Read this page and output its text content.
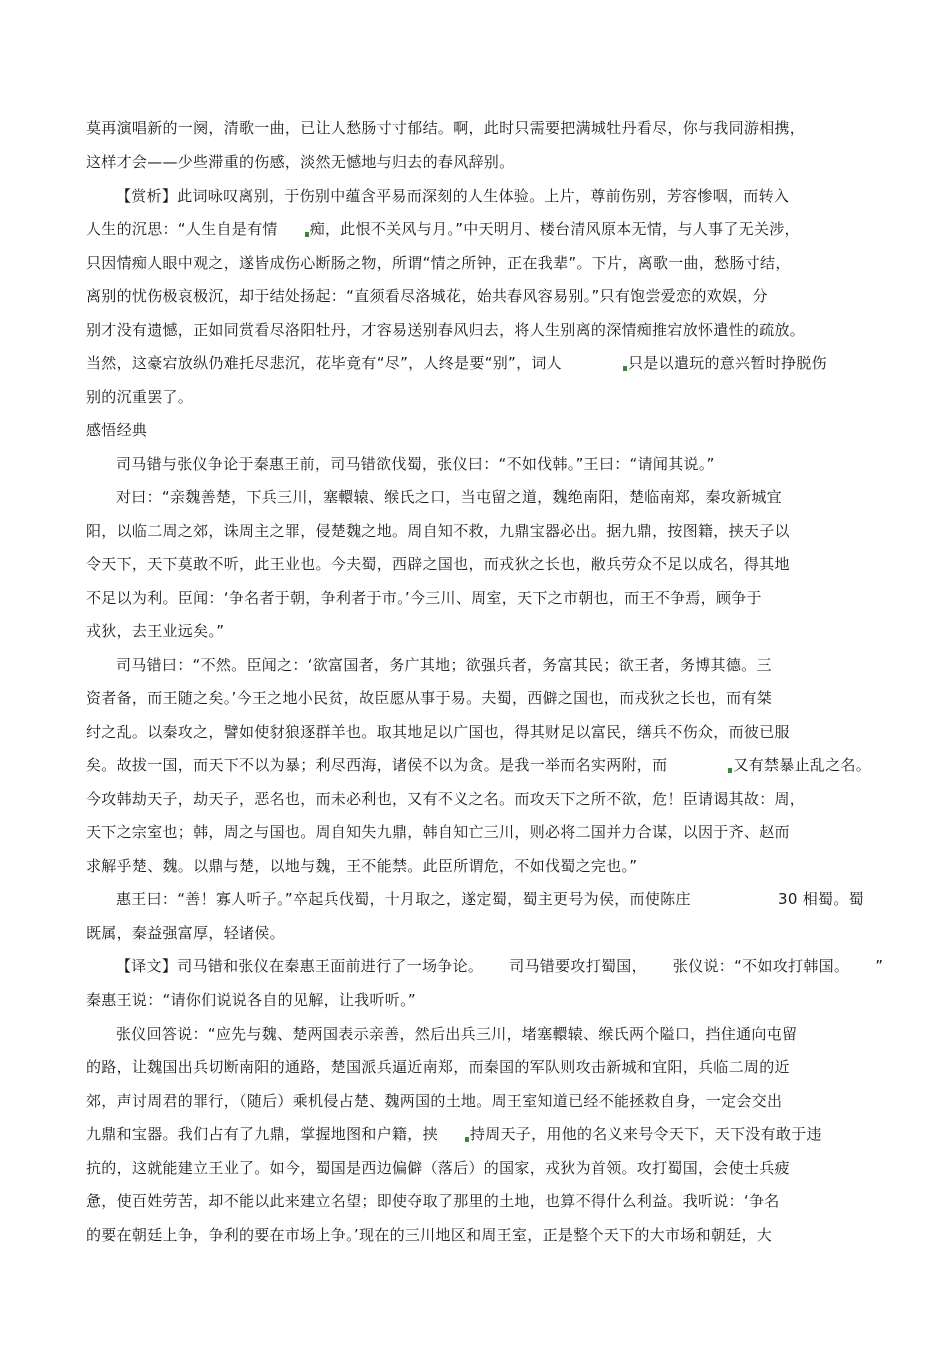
莫再演唱新的一阕，清歌一曲，已让人愁肠寸寸郁结。啊，此时只需要把满城牡丹看尽，你与我同游相携，
这样才会——少些滞重的伤感，淡然无憾地与归去的春风辞别。
【赏析】此词咏叹离别，于伤别中蕴含平易而深刻的人生体验。上片，尊前伤别，芳容惨咽，而转入
人生的沉思：“人生自是有情 痴，此恨不关风与月。”中天明月、楼台清风原本无情，与人事了无关涉，
只因情痴人眼中观之，遂皆成伤心断肠之物，所谓“情之所钟，正在我辈”。下片，离歌一曲，愁肠寸结，
离别的忧伤极哀极沉，却于结处扬起：“直须看尽洛城花，始共春风容易别。”只有饱尝爱恋的欢娱，分
别才没有遗憾，正如同赏看尽洛阳牡丹，才容易送别春风归去，将人生别离的深情痴推宕放怀遣性的疏放。
当然，这豪宕放纵仍难托尽悲沉，花毕竟有“尽”，人终是要“别”，词人	只是以遣玩的意兴暂时挣脱伤
别的沉重罢了。
感悟经典
司马错与张仪争论于秦惠王前，司马错欲伐蜀，张仪曰：“不如伐韩。”王曰：“请闻其说。”
对曰：“亲魏善楚，下兵三川，塞轘辕、缑氏之口，当屯留之道，魏绝南阳，楚临南郑，秦攻新城宜
阳，以临二周之郊，诛周主之罪，侵楚魏之地。周自知不救，九鼎宝器必出。据九鼎，按图籍，挟天子以
令天下，天下莫敢不听，此王业也。今夫蜀，西辟之国也，而戎狄之长也，敝兵劳众不足以成名，得其地
不足以为利。臣闻：‘争名者于朝，争利者于市。’今三川、周室，天下之市朝也，而王不争焉，顾争于
戎狄，去王业远矣。”
司马错曰：“不然。臣闻之：‘欲富国者，务广其地；欲强兵者，务富其民；欲王者，务博其德。三
资者备，而王随之矣。’今王之地小民贫，故臣愿从事于易。夫蜀，西僻之国也，而戎狄之长也，而有桀
纣之乱。以秦攻之，譬如使豺狼逐群羊也。取其地足以广国也，得其财足以富民，缮兵不伤众，而彼已服
矣。故拔一国，而天下不以为暴；利尽西海，诸侯不以为贪。是我一举而名实两附，而	又有禁暴止乱之名。
今攻韩劫天子，劫天子，恶名也，而未必利也，又有不义之名。而攻天下之所不欲，危！臣请谒其故：周，
天下之宗室也；韩，周之与国也。周自知失九鼎，韩自知亡三川，则必将二国并力合谋，以因于齐、赵而
求解乎楚、魏。以鼎与楚，以地与魏，王不能禁。此臣所谓危，不如伐蜀之完也。”
惠王曰：“善！寡人听子。”卒起兵伐蜀，十月取之，遂定蜀，蜀主更号为侯，而使陈庄	30 相蜀。蜀
既属，秦益强富厚，轻诸侯。
【译文】司马错和张仪在秦惠王面前进行了一场争论。 司马错要攻打蜀国， 张仪说：“不如攻打韩国。 ”
秦惠王说：“请你们说说各自的见解，让我听听。”
张仪回答说：“应先与魏、楚两国表示亲善，然后出兵三川，堵塞轘辕、缑氏两个隘口，挡住通向屯留
的路，让魏国出兵切断南阳的通路，楚国派兵逼近南郑，而秦国的军队则攻击新城和宜阳，兵临二周的近
郊，声讨周君的罪行，（随后）乘机侵占楚、魏两国的土地。周王室知道已经不能拯救自身，一定会交出
九鼎和宝器。我们占有了九鼎，掌握地图和户籍，挟 持周天子，用他的名义来号令天下，天下没有敢于违
抗的，这就能建立王业了。如今，蜀国是西边偏僻（落后）的国家，戎狄为首领。攻打蜀国，会使士兵疲
惫，使百姓劳苦，却不能以此来建立名望；即使夺取了那里的土地，也算不得什么利益。我听说：‘争名
的要在朝廷上争，争利的要在市场上争。’现在的三川地区和周王室，正是整个天下的大市场和朝廷，大
